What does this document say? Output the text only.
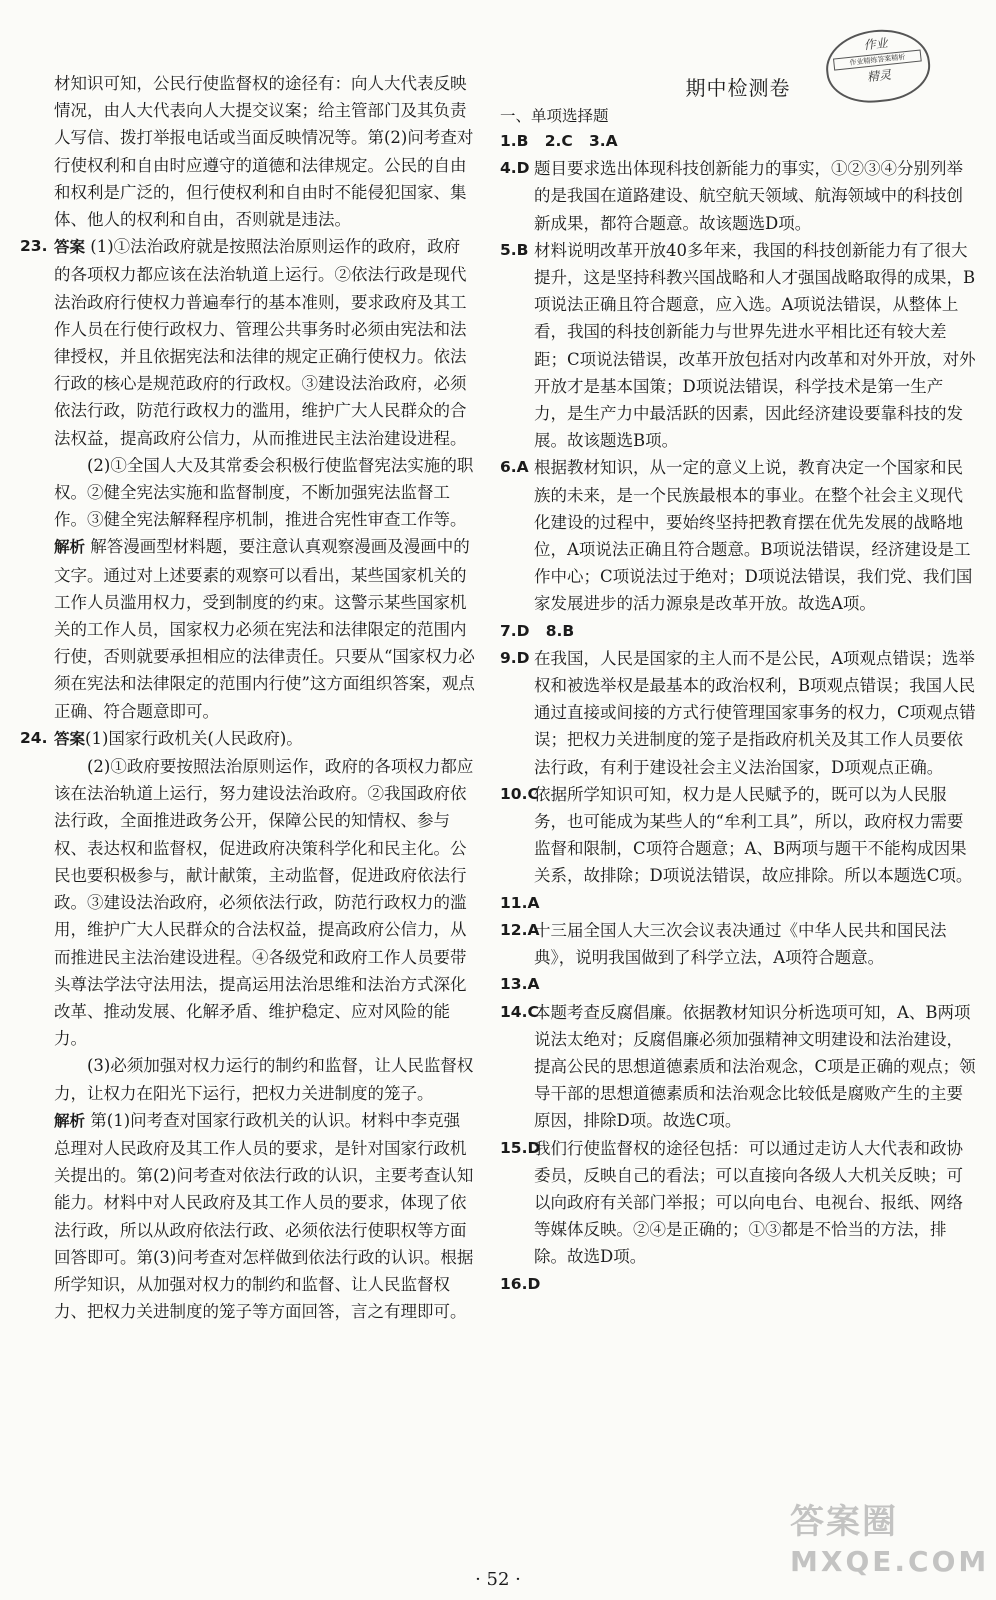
材知识可知，公民行使监督权的途径有：向人大代表反映情况，由人大代表向人大提交议案；给主管部门及其负责人写信、拨打举报电话或当面反映情况等。第(2)问考查对行使权利和自由时应遵守的道德和法律规定。公民的自由和权利是广泛的，但行使权利和自由时不能侵犯国家、集体、他人的权利和自由，否则就是违法。

23. 答案 (1)①法治政府就是按照法治原则运作的政府，政府的各项权力都应该在法治轨道上运行。②依法行政是现代法治政府行使权力普遍奉行的基本准则，要求政府及其工作人员在行使行政权力、管理公共事务时必须由宪法和法律授权，并且依据宪法和法律的规定正确行使权力。依法行政的核心是规范政府的行政权。③建设法治政府，必须依法行政，防范行政权力的滥用，维护广大人民群众的合法权益，提高政府公信力，从而推进民主法治建设进程。

(2)①全国人大及其常委会积极行使监督宪法实施的职权。②健全宪法实施和监督制度，不断加强宪法监督工作。③健全宪法解释程序机制，推进合宪性审查工作等。

解析 解答漫画型材料题，要注意认真观察漫画及漫画中的文字。通过对上述要素的观察可以看出，某些国家机关的工作人员滥用权力，受到制度的约束。这警示某些国家机关的工作人员，国家权力必须在宪法和法律限定的范围内行使，否则就要承担相应的法律责任。只要从“国家权力必须在宪法和法律限定的范围内行使”这方面组织答案，观点正确、符合题意即可。

24. 答案(1)国家行政机关(人民政府)。

(2)①政府要按照法治原则运作，政府的各项权力都应该在法治轨道上运行，努力建设法治政府。②我国政府依法行政，全面推进政务公开，保障公民的知情权、参与权、表达权和监督权，促进政府决策科学化和民主化。公民也要积极参与，献计献策，主动监督，促进政府依法行政。③建设法治政府，必须依法行政，防范行政权力的滥用，维护广大人民群众的合法权益，提高政府公信力，从而推进民主法治建设进程。④各级党和政府工作人员要带头尊法学法守法用法，提高运用法治思维和法治方式深化改革、推动发展、化解矛盾、维护稳定、应对风险的能力。

(3)必须加强对权力运行的制约和监督，让人民监督权力，让权力在阳光下运行，把权力关进制度的笼子。

解析 第(1)问考查对国家行政机关的认识。材料中李克强总理对人民政府及其工作人员的要求，是针对国家行政机关提出的。第(2)问考查对依法行政的认识，主要考查认知能力。材料中对人民政府及其工作人员的要求，体现了依法行政，所以从政府依法行政、必须依法行使职权等方面回答即可。第(3)问考查对怎样做到依法行政的认识。根据所学知识，从加强对权力的制约和监督、让人民监督权力、把权力关进制度的笼子等方面回答，言之有理即可。

期中检测卷
一、单项选择题

1.B 2.C 3.A

4.D 题目要求选出体现科技创新能力的事实，①②③④分别列举的是我国在道路建设、航空航天领域、航海领域中的科技创新成果，都符合题意。故该题选D项。

5.B 材料说明改革开放40多年来，我国的科技创新能力有了很大提升，这是坚持科教兴国战略和人才强国战略取得的成果，B项说法正确且符合题意，应入选。A项说法错误，从整体上看，我国的科技创新能力与世界先进水平相比还有较大差距；C项说法错误，改革开放包括对内改革和对外开放，对外开放才是基本国策；D项说法错误，科学技术是第一生产力，是生产力中最活跃的因素，因此经济建设要靠科技的发展。故该题选B项。

6.A 根据教材知识，从一定的意义上说，教育决定一个国家和民族的未来，是一个民族最根本的事业。在整个社会主义现代化建设的过程中，要始终坚持把教育摆在优先发展的战略地位，A项说法正确且符合题意。B项说法错误，经济建设是工作中心；C项说法过于绝对；D项说法错误，我们党、我们国家发展进步的活力源泉是改革开放。故选A项。

7.D 8.B

9.D 在我国，人民是国家的主人而不是公民，A项观点错误；选举权和被选举权是最基本的政治权利，B项观点错误；我国人民通过直接或间接的方式行使管理国家事务的权力，C项观点错误；把权力关进制度的笼子是指政府机关及其工作人员要依法行政，有利于建设社会主义法治国家，D项观点正确。

10.C
依据所学知识可知，权力是人民赋予的，既可以为人民服务，也可能成为某些人的“牟利工具”，所以，政府权力需要监督和限制，C项符合题意；A、B两项与题干不能构成因果关系，故排除；D项说法错误，故应排除。所以本题选C项。

11.A

12.A
十三届全国人大三次会议表决通过《中华人民共和国民法典》，说明我国做到了科学立法，A项符合题意。

13.A

14.C
本题考查反腐倡廉。依据教材知识分析选项可知，A、B两项说法太绝对；反腐倡廉必须加强精神文明建设和法治建设，提高公民的思想道德素质和法治观念，C项是正确的观点；领导干部的思想道德素质和法治观念比较低是腐败产生的主要原因，排除D项。故选C项。

15.D
我们行使监督权的途径包括：可以通过走访人大代表和政协委员，反映自己的看法；可以直接向各级人大机关反映；可以向政府有关部门举报；可以向电台、电视台、报纸、网络等媒体反映。②④是正确的；①③都是不恰当的方法，排除。故选D项。

16.D

作业
作业精练答案精析
精灵
答案圈
MXQE.COM
· 52 ·
